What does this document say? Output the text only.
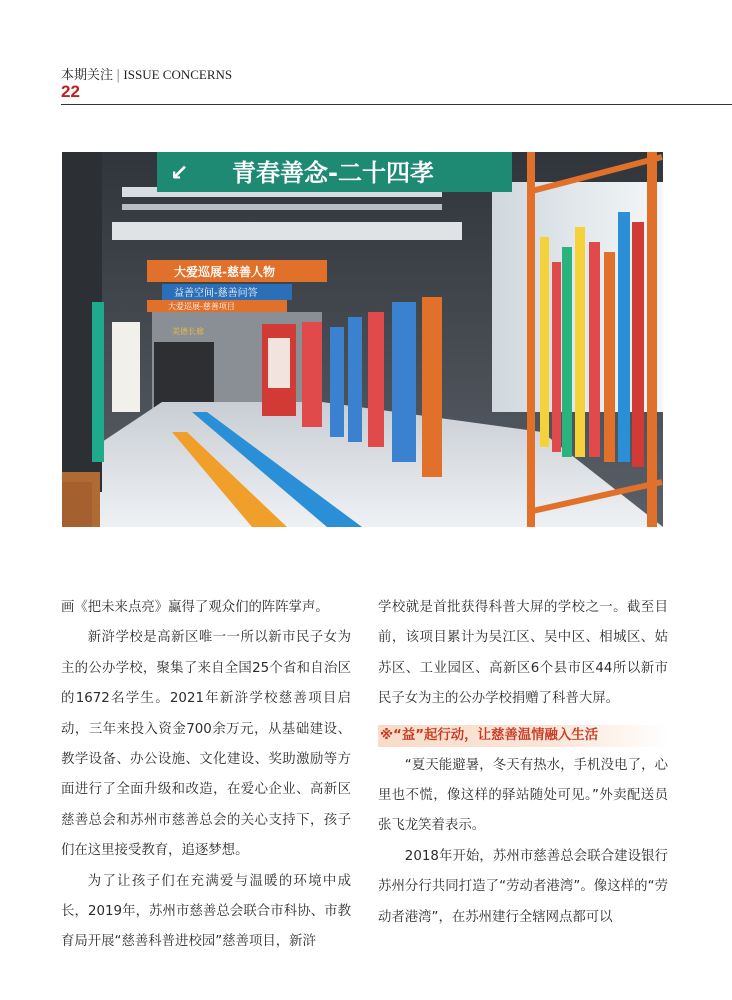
本期关注 | ISSUE CONCERNS
22
↙ 青春善念-二十四孝
大爱巡展-慈善人物
益善空间-慈善问答
大爱巡展-慈善项目
美德长廊

画《把未来点亮》赢得了观众们的阵阵掌声。

新浒学校是高新区唯一一所以新市民子女为主的公办学校，聚集了来自全国25个省和自治区的1672名学生。2021年新浒学校慈善项目启动，三年来投入资金700余万元，从基础建设、教学设备、办公设施、文化建设、奖助激励等方面进行了全面升级和改造，在爱心企业、高新区慈善总会和苏州市慈善总会的关心支持下，孩子们在这里接受教育，追逐梦想。

为了让孩子们在充满爱与温暖的环境中成长，2019年，苏州市慈善总会联合市科协、市教育局开展“慈善科普进校园”慈善项目，新浒

学校就是首批获得科普大屏的学校之一。截至目前，该项目累计为吴江区、吴中区、相城区、姑苏区、工业园区、高新区6个县市区44所以新市民子女为主的公办学校捐赠了科普大屏。

※“益”起行动，让慈善温情融入生活

“夏天能避暑，冬天有热水，手机没电了，心里也不慌，像这样的驿站随处可见。”外卖配送员张飞龙笑着表示。

2018年开始，苏州市慈善总会联合建设银行苏州分行共同打造了“劳动者港湾”。像这样的“劳动者港湾”，在苏州建行全辖网点都可以
